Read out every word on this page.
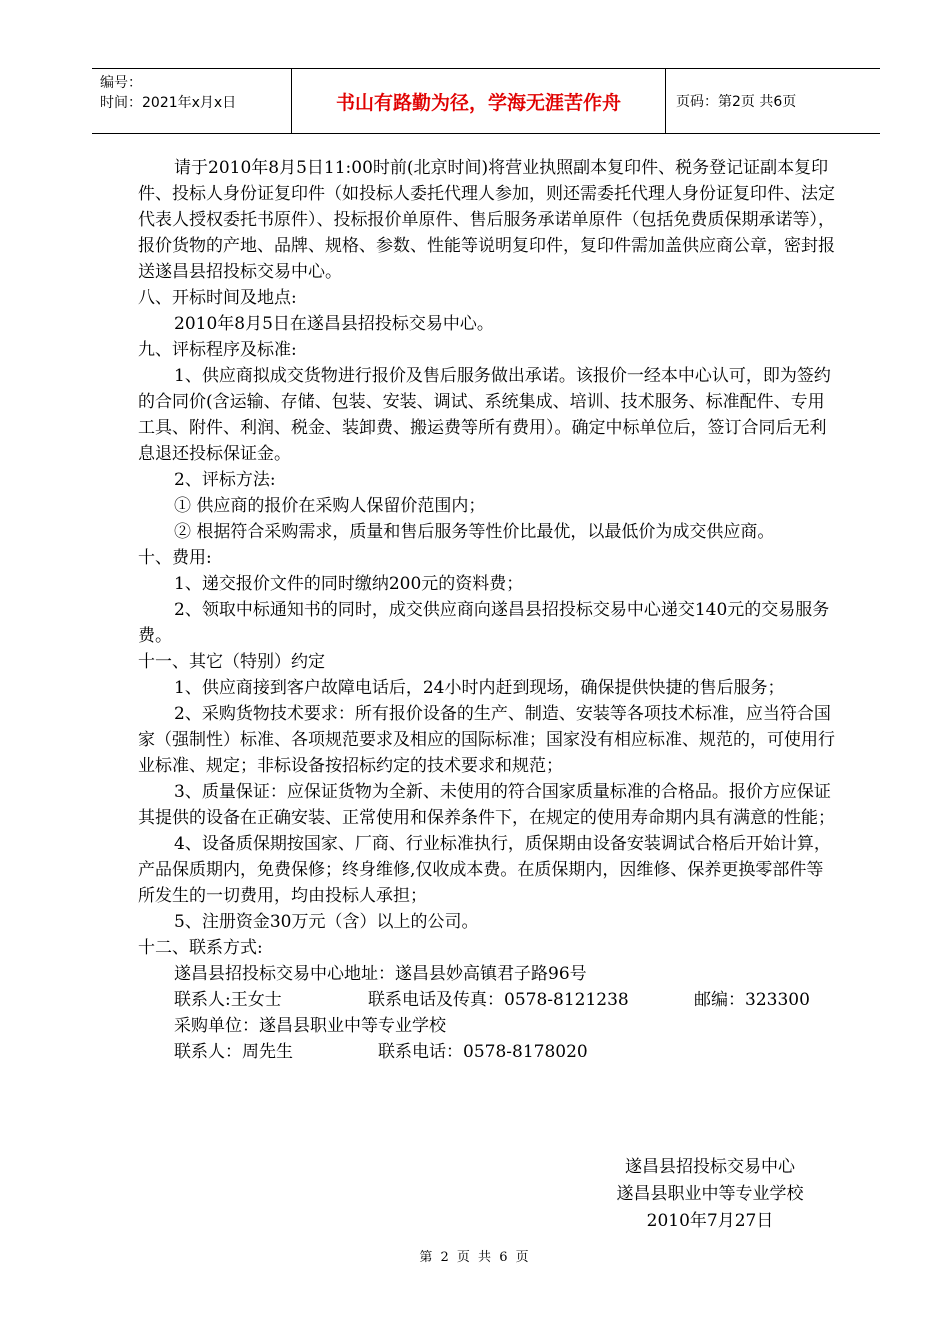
编号：
时间：2021年x月x日	书山有路勤为径，学海无涯苦作舟	页码：第2页 共6页

请于2010年8月5日11:00时前(北京时间)将营业执照副本复印件、税务登记证副本复印件、投标人身份证复印件（如投标人委托代理人参加，则还需委托代理人身份证复印件、法定代表人授权委托书原件）、投标报价单原件、售后服务承诺单原件（包括免费质保期承诺等），报价货物的产地、品牌、规格、参数、性能等说明复印件，复印件需加盖供应商公章，密封报送遂昌县招投标交易中心。

八、开标时间及地点:

2010年8月5日在遂昌县招投标交易中心。

九、评标程序及标准:

1、供应商拟成交货物进行报价及售后服务做出承诺。该报价一经本中心认可，即为签约的合同价(含运输、存储、包装、安装、调试、系统集成、培训、技术服务、标准配件、专用工具、附件、利润、税金、装卸费、搬运费等所有费用）。确定中标单位后，签订合同后无利息退还投标保证金。

2、评标方法:

① 供应商的报价在采购人保留价范围内；

② 根据符合采购需求，质量和售后服务等性价比最优，以最低价为成交供应商。

十、费用:

1、递交报价文件的同时缴纳200元的资料费；

2、领取中标通知书的同时，成交供应商向遂昌县招投标交易中心递交140元的交易服务费。

十一、其它（特别）约定

1、供应商接到客户故障电话后，24小时内赶到现场，确保提供快捷的售后服务；

2、采购货物技术要求：所有报价设备的生产、制造、安装等各项技术标准，应当符合国家（强制性）标准、各项规范要求及相应的国际标准；国家没有相应标准、规范的，可使用行业标准、规定；非标设备按招标约定的技术要求和规范；

3、质量保证：应保证货物为全新、未使用的符合国家质量标准的合格品。报价方应保证其提供的设备在正确安装、正常使用和保养条件下，在规定的使用寿命期内具有满意的性能；

4、设备质保期按国家、厂商、行业标准执行，质保期由设备安装调试合格后开始计算，产品保质期内，免费保修；终身维修,仅收成本费。在质保期内，因维修、保养更换零部件等所发生的一切费用，均由投标人承担；

5、注册资金30万元（含）以上的公司。

十二、联系方式:

遂昌县招投标交易中心地址：遂昌县妙高镇君子路96号

联系人:王女士	联系电话及传真：0578-8121238	邮编：323300

采购单位：遂昌县职业中等专业学校

联系人：周先生	联系电话：0578-8178020

遂昌县招投标交易中心

遂昌县职业中等专业学校

2010年7月27日

第 2 页 共 6 页
